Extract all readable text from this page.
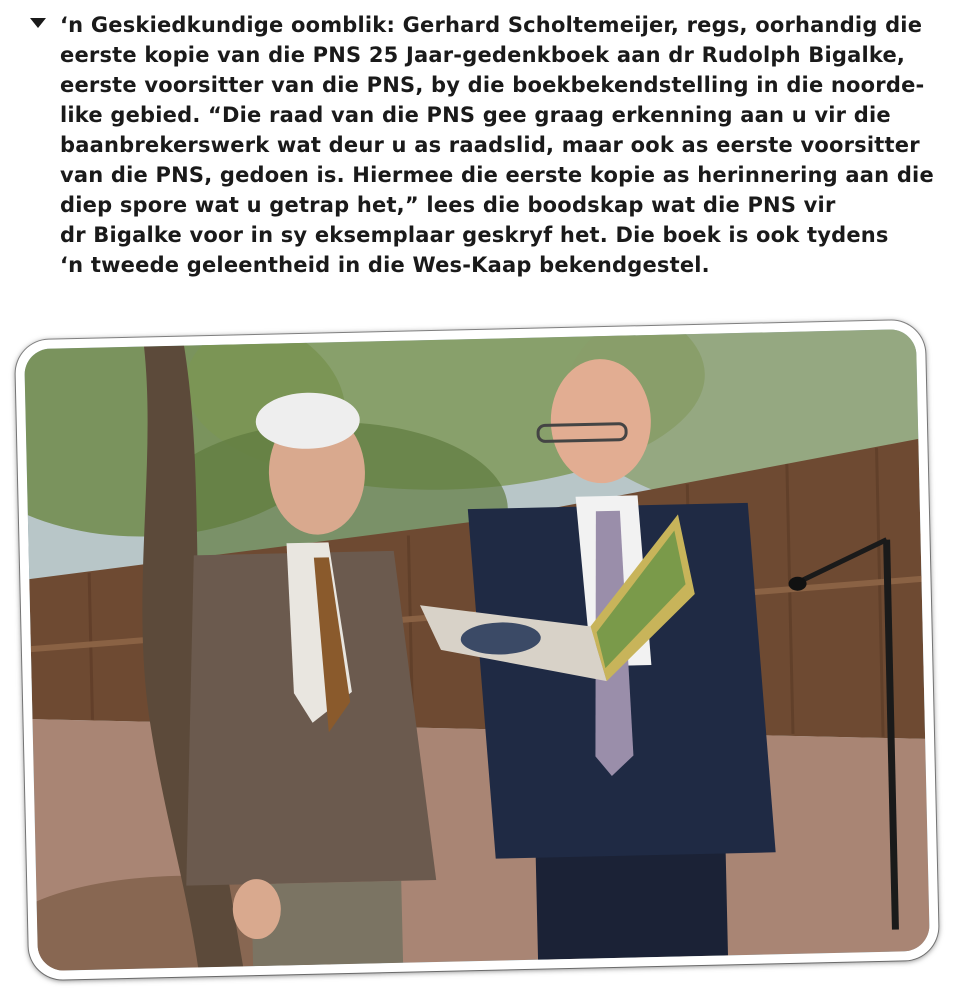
‘n Geskiedkundige oomblik: Gerhard Scholtemeijer, regs, oorhandig die
eerste kopie van die PNS 25 Jaar-gedenkboek aan dr Rudolph Bigalke,
eerste voorsitter van die PNS, by die boekbekendstelling in die noorde-
like gebied. “Die raad van die PNS gee graag erkenning aan u vir die
baanbrekerswerk wat deur u as raadslid, maar ook as eerste voorsitter
van die PNS, gedoen is. Hiermee die eerste kopie as herinnering aan die
diep spore wat u getrap het,” lees die boodskap wat die PNS vir
dr Bigalke voor in sy eksemplaar geskryf het. Die boek is ook tydens
‘n tweede geleentheid in die Wes-Kaap bekendgestel.
